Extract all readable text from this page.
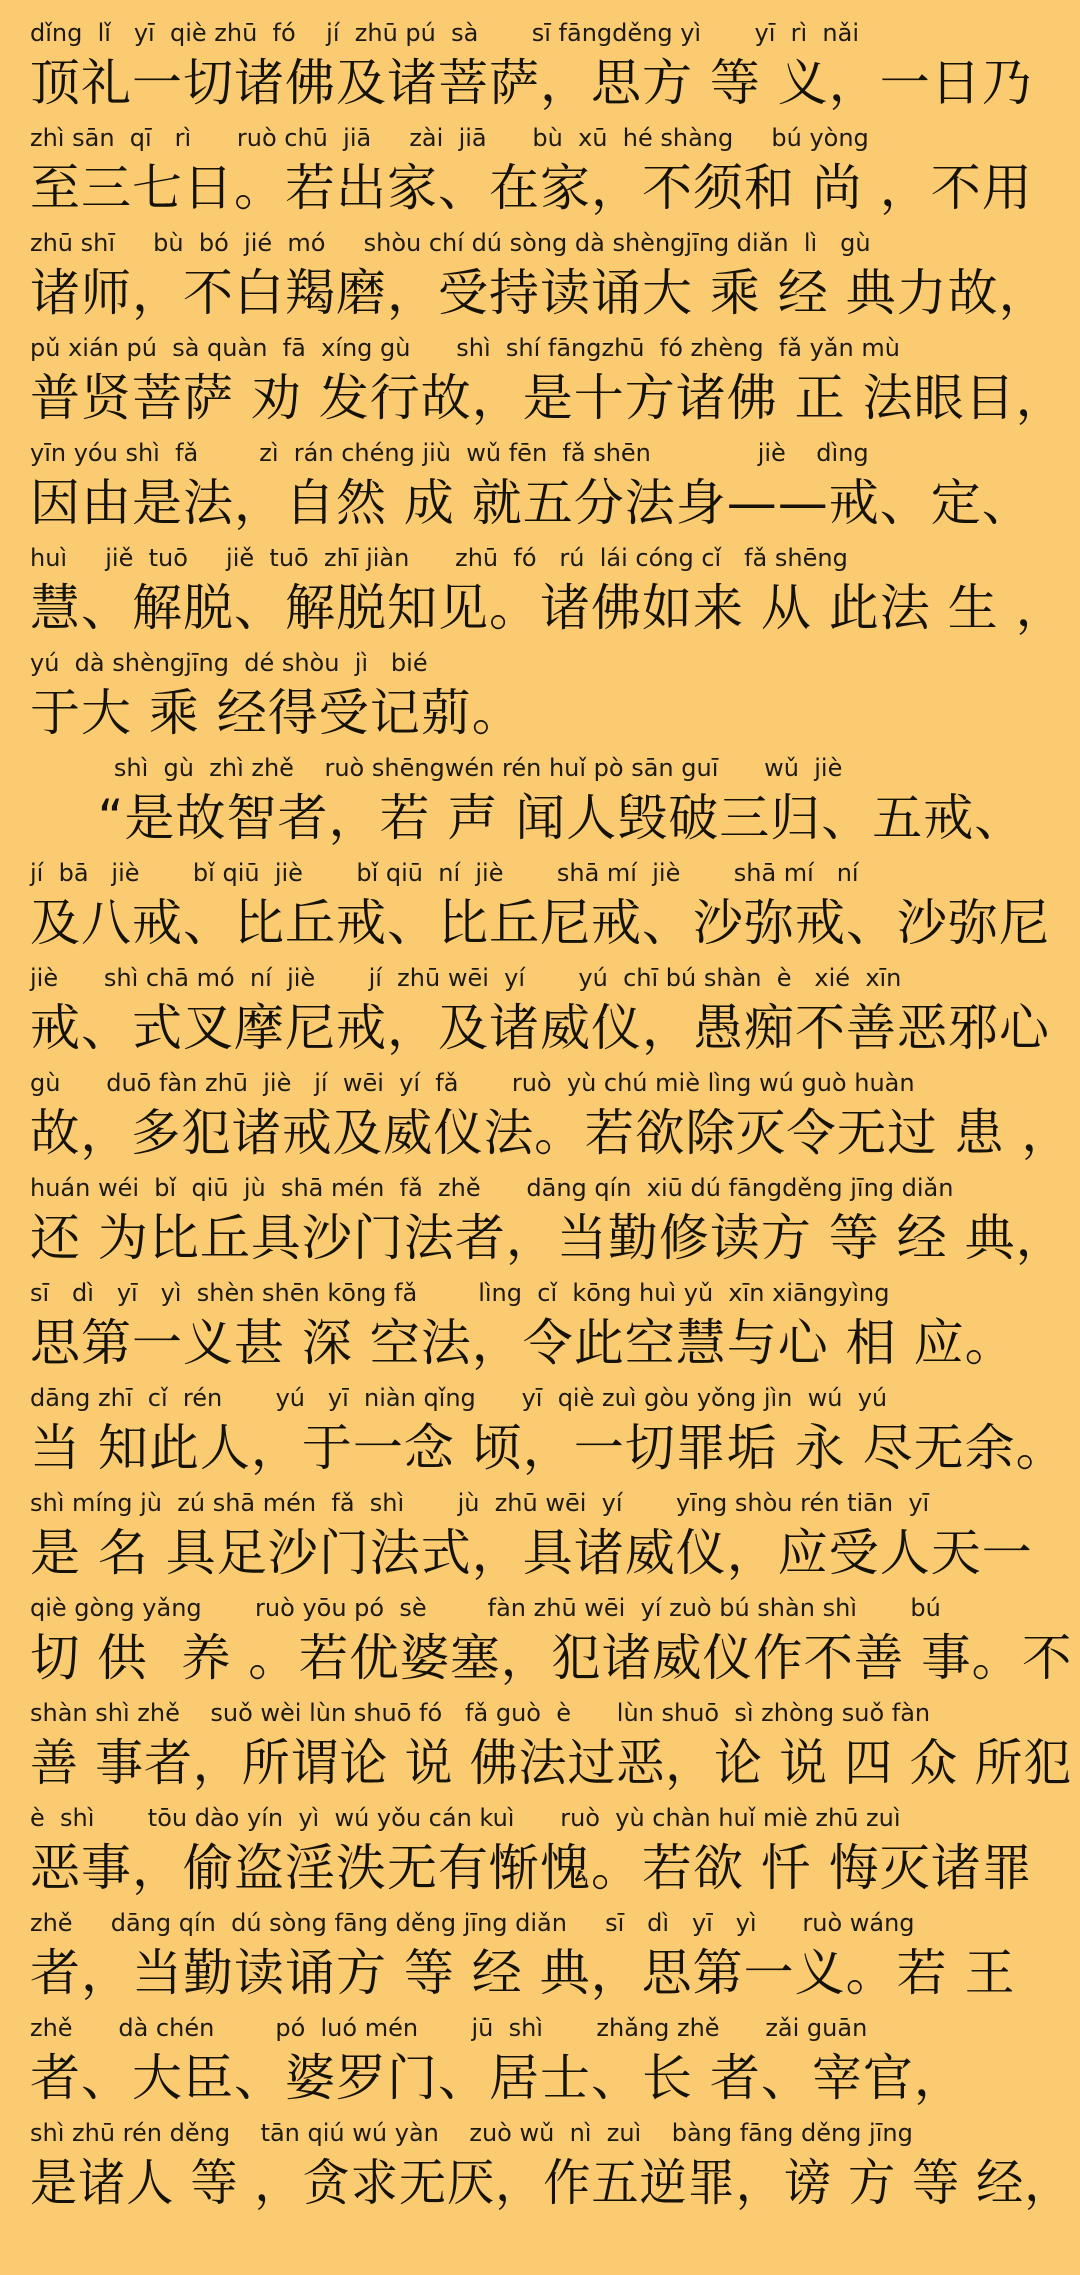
dǐng  lǐ   yī  qiè zhū  fó    jí  zhū pú  sà       sī fāngděng yì       yī  rì  nǎi
顶礼一切诸佛及诸菩萨，思方 等 义，一日乃
zhì sān  qī   rì      ruò chū  jiā     zài  jiā      bù  xū  hé shàng     bú yòng
至三七日。若出家、在家，不须和 尚 ，不用
zhū shī     bù  bó  jié  mó     shòu chí dú sòng dà shèngjīng diǎn  lì   gù
诸师，不白羯磨，受持读诵大 乘 经 典力故，
pǔ xián pú  sà quàn  fā  xíng gù      shì  shí fāngzhū  fó zhèng  fǎ yǎn mù
普贤菩萨 劝 发行故，是十方诸佛 正 法眼目，
yīn yóu shì  fǎ        zì  rán chéng jiù  wǔ fēn  fǎ shēn              jiè    dìng
因由是法，自然 成 就五分法身——戒、定、
huì     jiě  tuō     jiě  tuō  zhī jiàn      zhū  fó   rú  lái cóng cǐ   fǎ shēng
慧、解脱、解脱知见。诸佛如来 从 此法 生 ，
yú  dà shèngjīng  dé shòu  jì   bié
于大 乘 经得受记莂。
shì  gù  zhì zhě    ruò shēngwén rén huǐ pò sān guī      wǔ  jiè
“是故智者，若 声 闻人毁破三归、五戒、
jí  bā   jiè       bǐ qiū  jiè       bǐ qiū  ní  jiè       shā mí  jiè       shā mí   ní
及八戒、比丘戒、比丘尼戒、沙弥戒、沙弥尼
jiè      shì chā mó  ní  jiè       jí  zhū wēi  yí       yú  chī bú shàn  è   xié  xīn
戒、式叉摩尼戒，及诸威仪，愚痴不善恶邪心
gù      duō fàn zhū  jiè   jí  wēi  yí  fǎ       ruò  yù chú miè lìng wú guò huàn
故，多犯诸戒及威仪法。若欲除灭令无过 患 ，
huán wéi  bǐ  qiū  jù  shā mén  fǎ  zhě      dāng qín  xiū dú fāngděng jīng diǎn
还 为比丘具沙门法者，当勤修读方 等 经 典，
sī   dì   yī   yì  shèn shēn kōng fǎ        lìng  cǐ  kōng huì yǔ  xīn xiāngyìng
思第一义甚 深 空法，令此空慧与心 相 应。
dāng zhī  cǐ  rén       yú   yī  niàn qǐng      yī  qiè zuì gòu yǒng jìn  wú  yú
当 知此人，于一念 顷，一切罪垢 永 尽无余。
shì míng jù  zú shā mén  fǎ  shì       jù  zhū wēi  yí       yīng shòu rén tiān  yī
是 名 具足沙门法式，具诸威仪，应受人天一
qiè gòng yǎng       ruò yōu pó  sè        fàn zhū wēi  yí zuò bú shàn shì       bú
切 供  养 。若优婆塞，犯诸威仪作不善 事。不
shàn shì zhě    suǒ wèi lùn shuō fó   fǎ guò  è      lùn shuō  sì zhòng suǒ fàn
善 事者，所谓论 说 佛法过恶，论 说 四 众 所犯
è  shì       tōu dào yín  yì  wú yǒu cán kuì      ruò  yù chàn huǐ miè zhū zuì
恶事，偷盗淫泆无有惭愧。若欲 忏 悔灭诸罪
zhě     dāng qín  dú sòng fāng děng jīng diǎn     sī   dì   yī   yì      ruò wáng
者，当勤读诵方 等 经 典，思第一义。若 王
zhě      dà chén        pó  luó mén       jū  shì       zhǎng zhě      zǎi guān
者、大臣、婆罗门、居士、长 者、宰官，
shì zhū rén děng    tān qiú wú yàn    zuò wǔ  nì  zuì    bàng fāng děng jīng
是诸人 等 ，贪求无厌，作五逆罪，谤 方 等 经，
